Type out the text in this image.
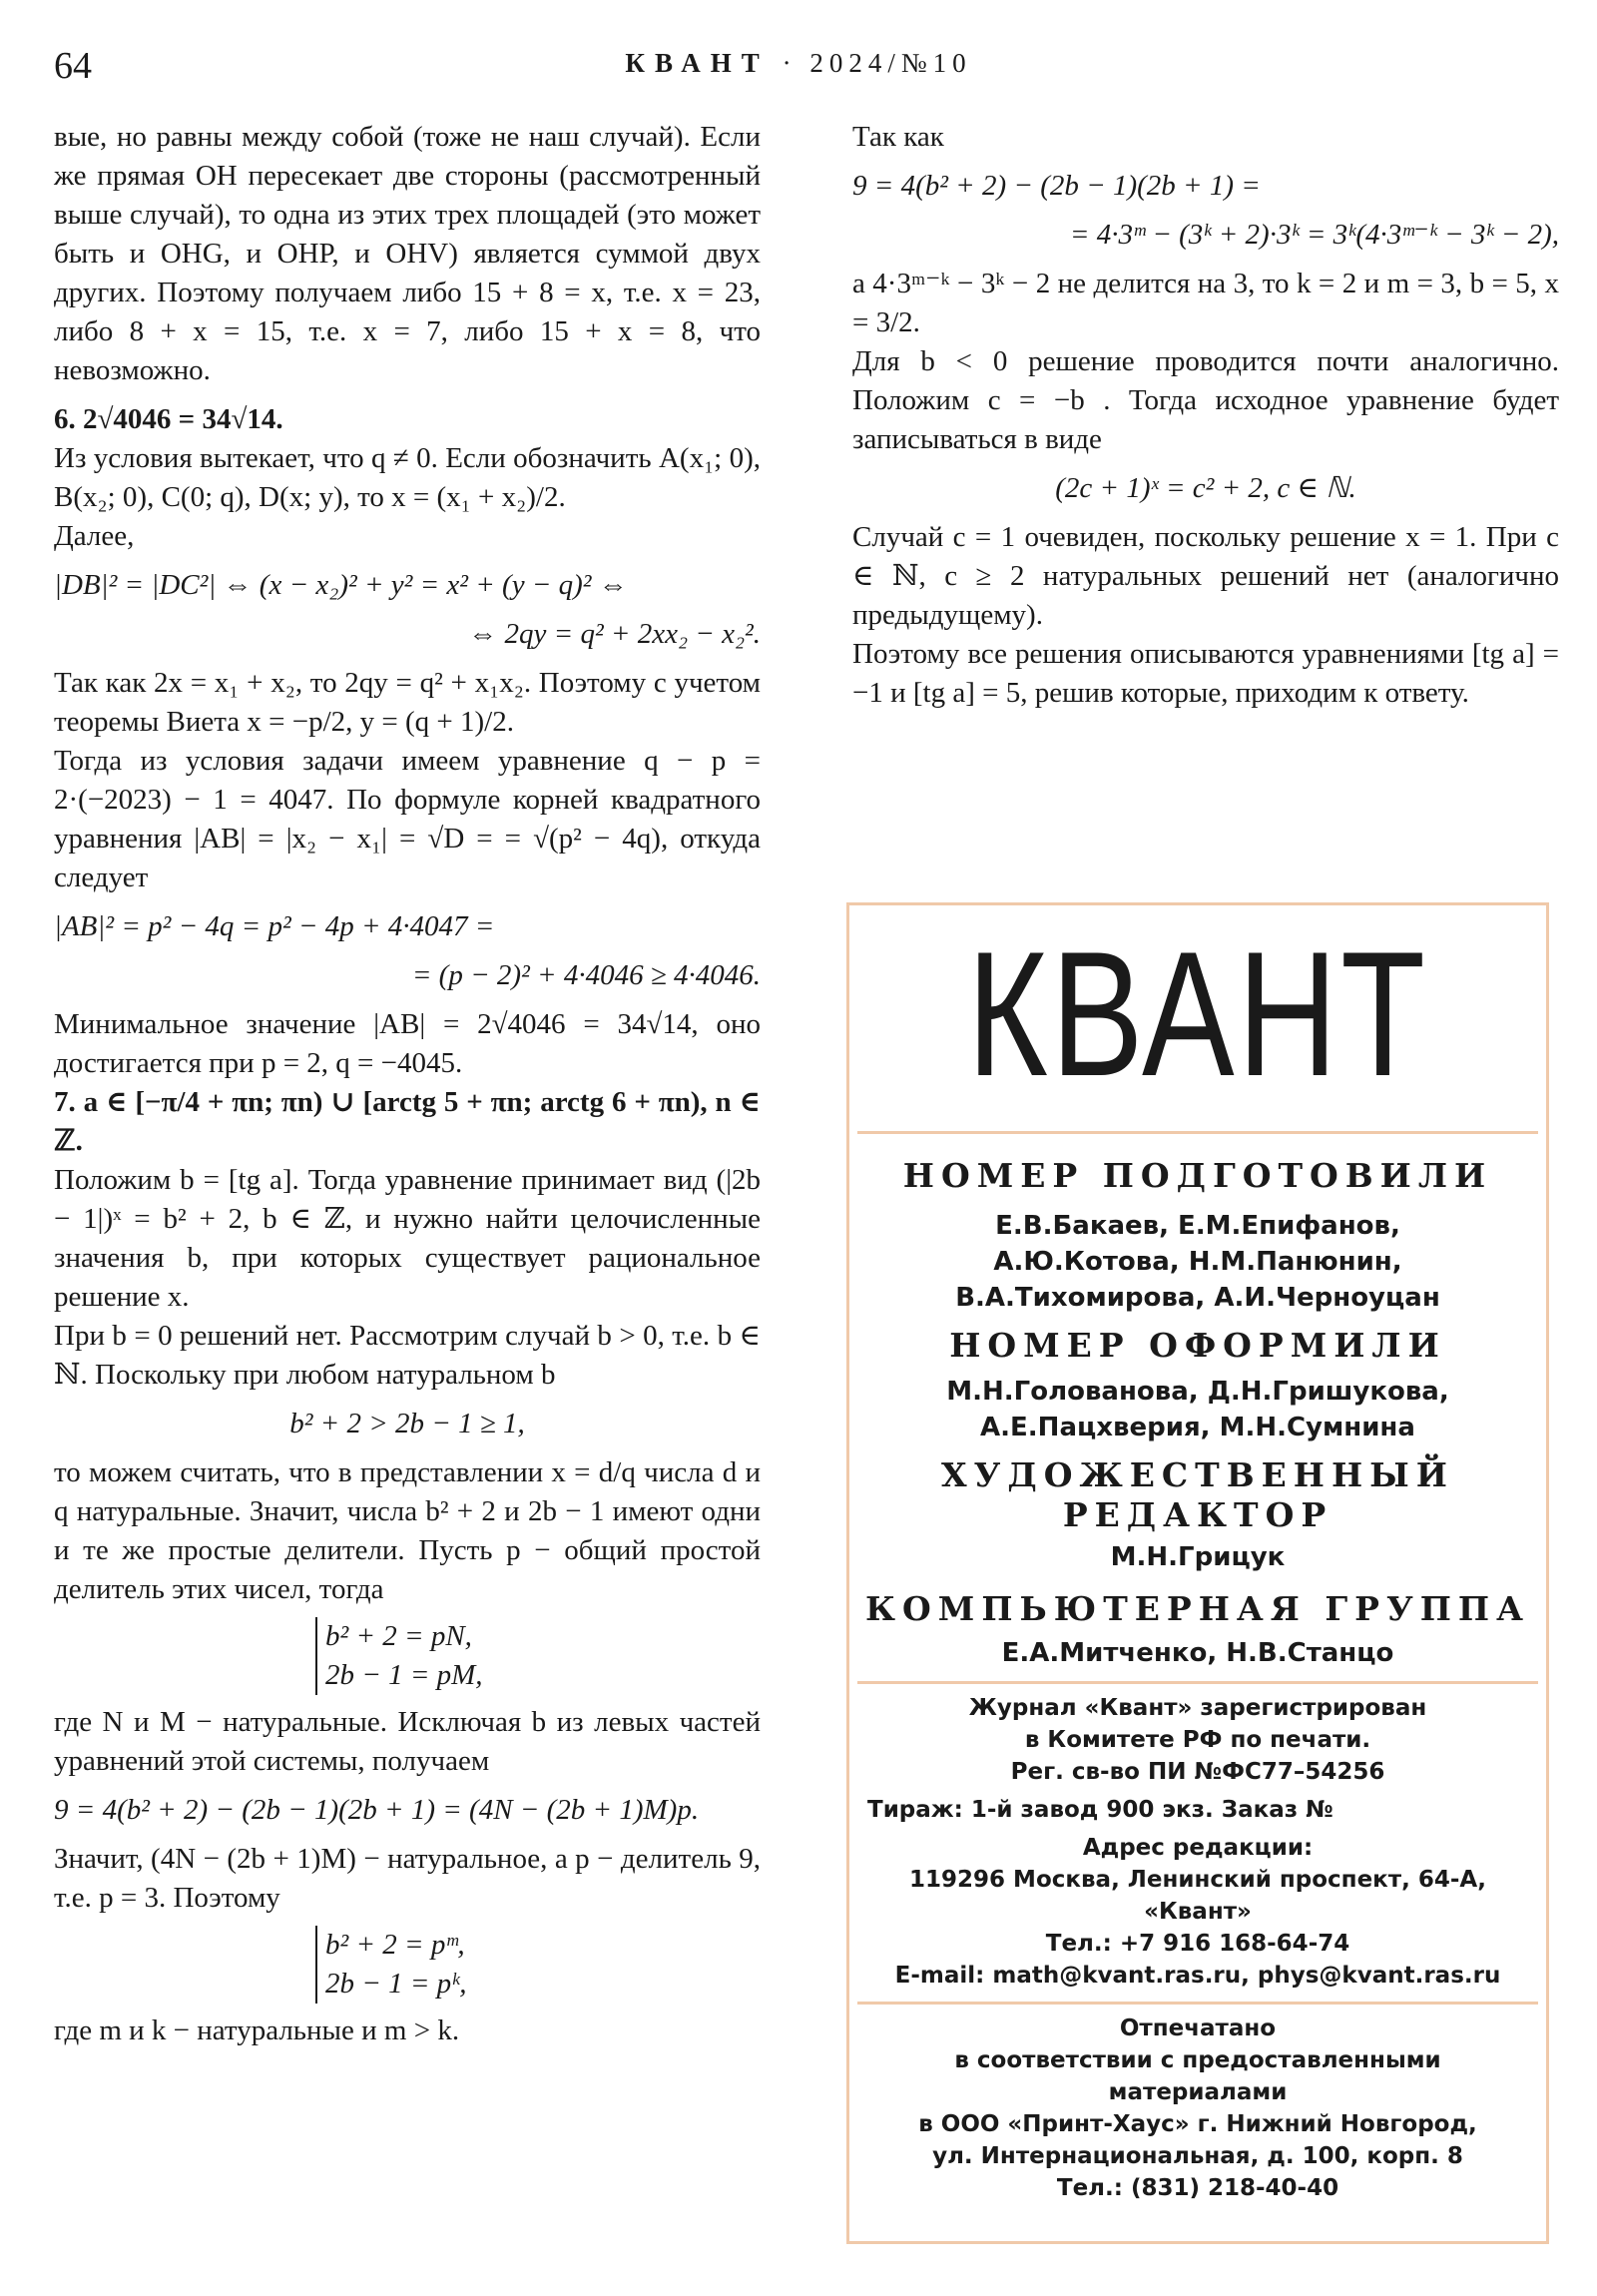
64	КВАНТ · 2024/№10

вые, но равны между собой (тоже не наш случай). Если же прямая OH пересекает две стороны (рассмотренный выше случай), то одна из этих трех площадей (это может быть и OHG, и OHP, и OHV) является суммой двух других. Поэтому получаем либо 15 + 8 = x, т.е. x = 23, либо 8 + x = 15, т.е. x = 7, либо 15 + x = 8, что невозможно.

6. 2√4046 = 34√14.

Из условия вытекает, что q ≠ 0. Если обозначить A(x₁; 0), B(x₂; 0), C(0; q), D(x; y), то x = (x₁ + x₂)/2.

Далее,

|DB|² = |DC²| ⇔ (x − x₂)² + y² = x² + (y − q)² ⇔

⇔ 2qy = q² + 2xx₂ − x₂².

Так как 2x = x₁ + x₂, то 2qy = q² + x₁x₂. Поэтому с учетом теоремы Виета x = −p/2, y = (q + 1)/2.

Тогда из условия задачи имеем уравнение q − p = 2·(−2023) − 1 = 4047. По формуле корней квадратного уравнения |AB| = |x₂ − x₁| = √D = = √(p² − 4q), откуда следует

|AB|² = p² − 4q = p² − 4p + 4·4047 =

= (p − 2)² + 4·4046 ≥ 4·4046.

Минимальное значение |AB| = 2√4046 = 34√14, оно достигается при p = 2, q = −4045.

7. a ∈ [−π/4 + πn; πn) ∪ [arctg 5 + πn; arctg 6 + πn), n ∈ ℤ.

Положим b = [tg a]. Тогда уравнение принимает вид (|2b − 1|)ˣ = b² + 2, b ∈ ℤ, и нужно найти целочисленные значения b, при которых существует рациональное решение x.

При b = 0 решений нет. Рассмотрим случай b > 0, т.е. b ∈ ℕ. Поскольку при любом натуральном b

b² + 2 > 2b − 1 ≥ 1,

то можем считать, что в представлении x = d/q числа d и q натуральные. Значит, числа b² + 2 и 2b − 1 имеют одни и те же простые делители. Пусть p − общий простой делитель этих чисел, тогда

b² + 2 = pN,
2b − 1 = pM,

где N и M − натуральные. Исключая b из левых частей уравнений этой системы, получаем

9 = 4(b² + 2) − (2b − 1)(2b + 1) = (4N − (2b + 1)M)p.

Значит, (4N − (2b + 1)M) − натуральное, а p − делитель 9, т.е. p = 3. Поэтому

b² + 2 = pᵐ,
2b − 1 = pᵏ,

где m и k − натуральные и m > k.

Так как

9 = 4(b² + 2) − (2b − 1)(2b + 1) =

= 4·3ᵐ − (3ᵏ + 2)·3ᵏ = 3ᵏ(4·3ᵐ⁻ᵏ − 3ᵏ − 2),

а 4·3ᵐ⁻ᵏ − 3ᵏ − 2 не делится на 3, то k = 2 и m = 3, b = 5, x = 3/2.

Для b < 0 решение проводится почти аналогично. Положим c = −b . Тогда исходное уравнение будет записываться в виде

(2c + 1)ˣ = c² + 2, c ∈ ℕ.

Случай c = 1 очевиден, поскольку решение x = 1. При c ∈ ℕ, c ≥ 2 натуральных решений нет (аналогично предыдущему).

Поэтому все решения описываются уравнениями [tg a] = −1 и [tg a] = 5, решив которые, приходим к ответу.

КВАНТ
НОМЕР ПОДГОТОВИЛИ
Е.В.Бакаев, Е.М.Епифанов,
А.Ю.Котова, Н.М.Панюнин,
В.А.Тихомирова, А.И.Черноуцан
НОМЕР ОФОРМИЛИ
М.Н.Голованова, Д.Н.Гришукова,
А.Е.Пацхверия, М.Н.Сумнина
ХУДОЖЕСТВЕННЫЙ
РЕДАКТОР
М.Н.Грицук
КОМПЬЮТЕРНАЯ ГРУППА
Е.А.Митченко, Н.В.Станцо
Журнал «Квант» зарегистрирован
в Комитете РФ по печати.
Рег. св-во ПИ №ФС77–54256
Тираж: 1-й завод 900 экз. Заказ №
Адрес редакции:
119296 Москва, Ленинский проспект, 64-А,
«Квант»
Тел.: +7 916 168-64-74
E-mail: math@kvant.ras.ru, phys@kvant.ras.ru
Отпечатано
в соответствии с предоставленными
материалами
в ООО «Принт-Хаус» г. Нижний Новгород,
ул. Интернациональная, д. 100, корп. 8
Тел.: (831) 218-40-40
